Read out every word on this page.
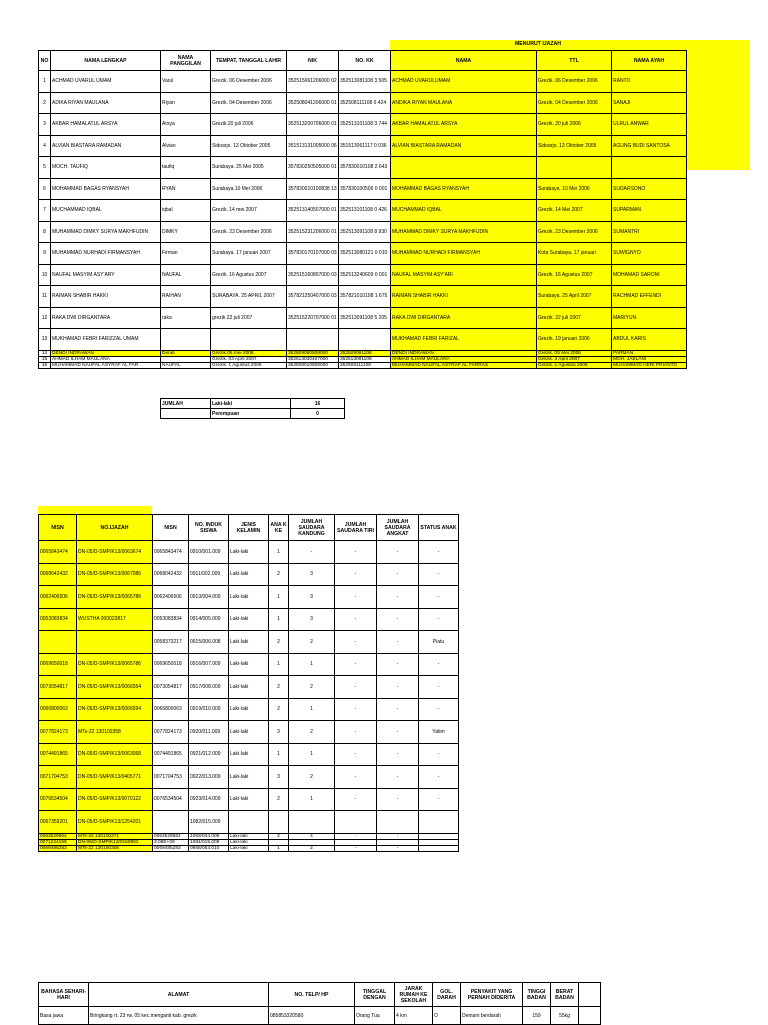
NO	NAMA LENGKAP	NAMA PANGGILAN	TEMPAT, TANGGAL LAHIR	NIK	NO. KK	NAMA	TTL	NAMA AYAH
1	ACHMAD UVARUL UMAM	Varul	Grezik. 06 Desember 2006	352515061206000 02	352513081108 3 505	ACHMAD UVARULUMAM	Grezik. 06 Desember 2006	RANTO
2	ADIKA RIYAN MAULANA	Riyan	Grezik. 04 Desember 2006	352508041206000 01	352508111108 6 424	ANDIKA RIYAN MAULANA	Grezik. 04 Desember 2006	SANAJI
3	AKBAR HAMALATUL ARSYA	Arsya	Grezik.20 juli 2006	352513200706000 01	352513101108 3 744	AKBAR HAMALATUL ARSYA	Grezik. 20 juli 2006	ULRUL ANWAR
4	ALVIAN BIASTARA RAMADAN	Alvian	Sidoarjo. 13 Oktober 2005	351513131005000 06	351513061117 0 036	ALVIAN BIASTARA RAMADAN	Sidoarjo. 13 Oktober 2005	AGUNG BUDI SANTOSA
5	MOCH. TAUFIQ	taufiq	Surabaya. 25 Mei 2005	357830250505000 01	357830010108 2 643			
6	MOHAMMAD BAGAS RYANSYAH	RYAN	Surabaya.10 Mei 2006	357830010100838 13	357830100506 0 001	MOHAMMAD BAGAS RYANSYAH	Surabaya. 10 Mei 2006	SUDARSONO
7	MUCHAMMAD IQBAL	iqbal	Grezik. 14 mei 2007	352513140507000 01	352513101108 0 426	MUCHAMMAD IQBAL	Grezik. 14 Mei 2007	SUPARMAN
8	MUHAMMAD DIMKY SURYA MAKHFUDIN	DIMKY	Grezik. 23 Desember 2006	352515231206000 01	352513091108 8 930	MUHAMMAD DIMKY SURYA MAKHFUDIN	Grezik. 23 Desember 2006	SUMANTRI
9	MUHAMMAD NURHADI FIRMANSYAH	Firman	Surabaya. 17 januari 2007	357830170107000 03	352513080121 0 010	MUHAMMAD NURHADI FIRMANSYAH	Kota Surabaya. 17 januari	SUWIGNYO
10	NAUFAL MASYIM ASY'ARY	NAUFAL	Grezik. 16 Agustus 2007	352515160807000 03	352513240609 0 001	NAUFAL MASYIM ASY'ARI	Grezik. 16 Agustus 2007	MOHAMAD SARONI
11	RAIMAN SHABIR HAKKI	RAIHAN	SURABAYA. 25 APRIL 2007	357821250407000 03	357821010108 1 675	RAIMAN SHABIR HAKKI	Surabaya. 25 April 2007	RACHMAD EFFENDI
12	RAKA DWI DIRGANTARA	raka	grezik.22 juli 2007	352515220707000 01	352513091108 5 205	RAKA DWI DIRGANTARA	Grezik. 22 juli 2007	MARIYUN
13	MUKHAMAD FEBRI FARIZZAL UMAM					MUKHAMAD FEBRI FARIZAL	Grezik. 19 januari 2006	ABDUL KARIS
14	DENDI INDRAWAN	Dendi	Grezik.05 mei 2006	352509050506000	352509081108	DENDI INDRAWAN	Grezik. 05 Mei 2006	PARMAN
15	AHMAD ILHAM MAULANA		Grezik. 03 April 2007	352513030407000	352513091108	AHMAD ILHAM MAULANA	Grezik. 3 April 2007	MOH. JAELANI
16	MUHAMMAD NAUFAL ASYRAF AL FAR	NAUFAL	Grezik. 1 Agustus 2006	352508010806000	352508111108	MUHAMMAD NAUFAL ASYRAF AL FARRAS	Grezik. 1 Agustus 2006	MUHAMMAD HERI PRIANTO
MENURUT IJAZAH
JUMLAH	Laki-laki	16
	Perempuan	0
NISN	NO.IJAZAH	NISN	NO. INDUK SISWA	JENIS KELAMIN	ANA K KE	JUMLAH SAUDARA KANDUNG	JUMLAH SAUDARA TIRI	JUMLAH SAUDARA ANGKAT	STATUS ANAK
0065843474	DN-05/D-SMP/K13/0063674	0065843474	0910/001.009	Laki-laki	1	-	-	-	-
0068042432	DN-05/D-SMP/K13/0067086	0068042432	0911/002.009	Laki-laki	2	3	-	-	-
0062406506	DN-05/D-SMP/K13/0065786	0062406506	0913/004.009	Laki-laki	1	3	-	-	-
0053083834	WUSTHA 000023817	0053083834	0914/005.009	Laki-laki	1	3	-	-	-
		0058373217	0915/006.008	Laki-laki	2	2	-	-	Piatu
0069650018	DN-05/D-SMP/K13/0065786	0069650018	0916/007.009	Laki-laki	1	1	-	-	-
0073054817	DN-05/D-SMP/K13/0066554	0073054817	0917/008.009	Laki-laki	2	2	-	-	-
0066800063	DN-05/D-SMP/K13/0066594	0066800063	0919/010.009	Laki-laki	2	1	-	-	-
0077824173	MTs-22 130100358	0077824173	0920/011.009	Laki-laki	3	2	-	-	Yatim
0074491865	DN-05/D-SMP/K13/0063068	0074491865	0921/012.009	Laki-laki	1	1	-	-	-
0071704753	DN-05/D-SMP/K13/0405771	0071704753	0922/013.009	Laki-laki	3	2	-	-	-
0076534504	DN-05/D-SMP/K13/0070122	0076534504	0923/014.009	Laki-laki	2	1	-	-	-
0067359201	DN-05/D-SMP/K13/1254201		1082/015.009						
0063529564	MTs-22 130100271	0063529564	1083/044.009	Laki-laki	2	4	-	-	
0071224159	DN-05/D-SMP/K13/0159852	3.08E+09	1084/015.009	Laki-laki					
0069485283	MTs-22 130100305	0069485283	0958/053.010	Laki-laki	1	2	-	-	
BAHASA SEHARI-HARI	ALAMAT	NO. TELP/ HP	TINGGAL DENGAN	JARAK RUMAH KE SEKOLAH	GOL. DARAH	PENYAKIT YANG PERNAH DIDERITA	TINGGI BADAN	BERAT BADAN	
Basa jawa	Bringkang rt. 23 rw. 05 kec.menganti kab. grezik	085853320580	Orang Tua	4 km	O	Demam berdarah	159	55kg	
